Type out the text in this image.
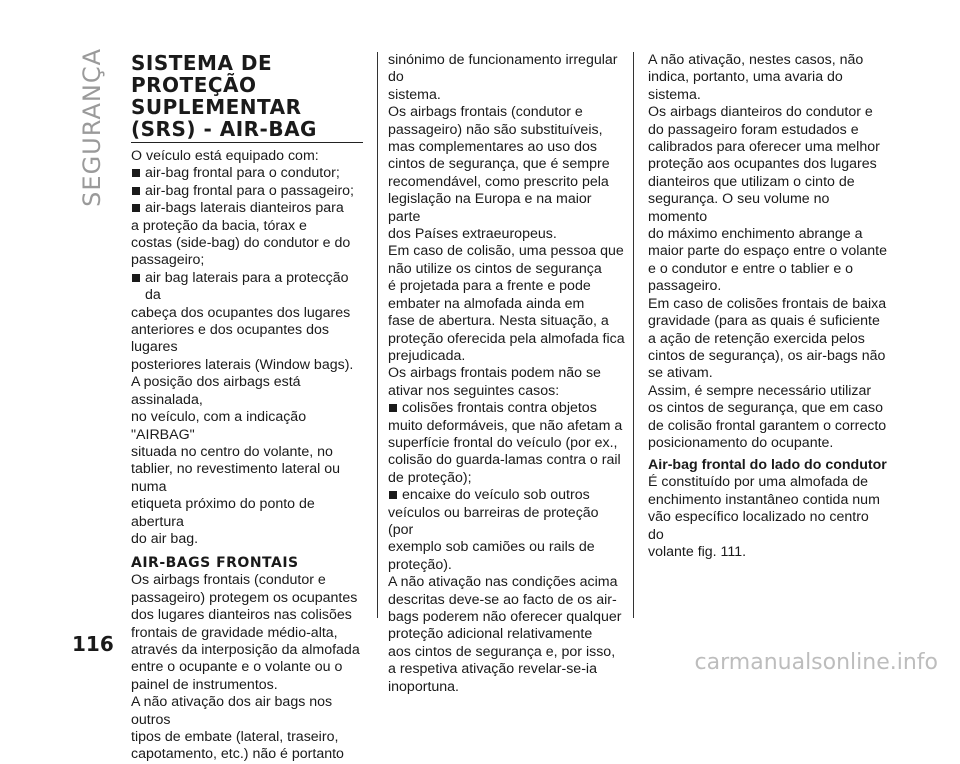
SEGURANÇA
116
SISTEMA DE
PROTEÇÃO
SUPLEMENTAR
(SRS) - AIR-BAG

O veículo está equipado com:

air-bag frontal para o condutor;
air-bag frontal para o passageiro;
air-bags laterais dianteiros para

a proteção da bacia, tórax e
costas (side-bag) do condutor e do
passageiro;

air bag laterais para a protecção da

cabeça dos ocupantes dos lugares
anteriores e dos ocupantes dos lugares
posteriores laterais (Window bags).

A posição dos airbags está assinalada,
no veículo, com a indicação "AIRBAG"
situada no centro do volante, no
tablier, no revestimento lateral ou numa
etiqueta próximo do ponto de abertura
do air bag.

AIR-BAGS FRONTAIS

Os airbags frontais (condutor e
passageiro) protegem os ocupantes
dos lugares dianteiros nas colisões
frontais de gravidade médio-alta,
através da interposição da almofada
entre o ocupante e o volante ou o
painel de instrumentos.

A não ativação dos air bags nos outros
tipos de embate (lateral, traseiro,
capotamento, etc.) não é portanto

sinónimo de funcionamento irregular do
sistema.

Os airbags frontais (condutor e
passageiro) não são substituíveis,
mas complementares ao uso dos
cintos de segurança, que é sempre
recomendável, como prescrito pela
legislação na Europa e na maior parte
dos Países extraeuropeus.

Em caso de colisão, uma pessoa que
não utilize os cintos de segurança
é projetada para a frente e pode
embater na almofada ainda em
fase de abertura. Nesta situação, a
proteção oferecida pela almofada fica
prejudicada.

Os airbags frontais podem não se
ativar nos seguintes casos:

colisões frontais contra objetos

muito deformáveis, que não afetam a
superfície frontal do veículo (por ex.,
colisão do guarda-lamas contra o rail
de proteção);

encaixe do veículo sob outros

veículos ou barreiras de proteção (por
exemplo sob camiões ou rails de
proteção).

A não ativação nas condições acima
descritas deve-se ao facto de os air-
bags poderem não oferecer qualquer
proteção adicional relativamente
aos cintos de segurança e, por isso,
a respetiva ativação revelar-se-ia
inoportuna.

A não ativação, nestes casos, não
indica, portanto, uma avaria do
sistema.

Os airbags dianteiros do condutor e
do passageiro foram estudados e
calibrados para oferecer uma melhor
proteção aos ocupantes dos lugares
dianteiros que utilizam o cinto de
segurança. O seu volume no momento
do máximo enchimento abrange a
maior parte do espaço entre o volante
e o condutor e entre o tablier e o
passageiro.

Em caso de colisões frontais de baixa
gravidade (para as quais é suficiente
a ação de retenção exercida pelos
cintos de segurança), os air-bags não
se ativam.

Assim, é sempre necessário utilizar
os cintos de segurança, que em caso
de colisão frontal garantem o correcto
posicionamento do ocupante.

Air-bag frontal do lado do condutor

É constituído por uma almofada de
enchimento instantâneo contida num
vão específico localizado no centro do
volante fig. 111.

carmanualsonline.info
